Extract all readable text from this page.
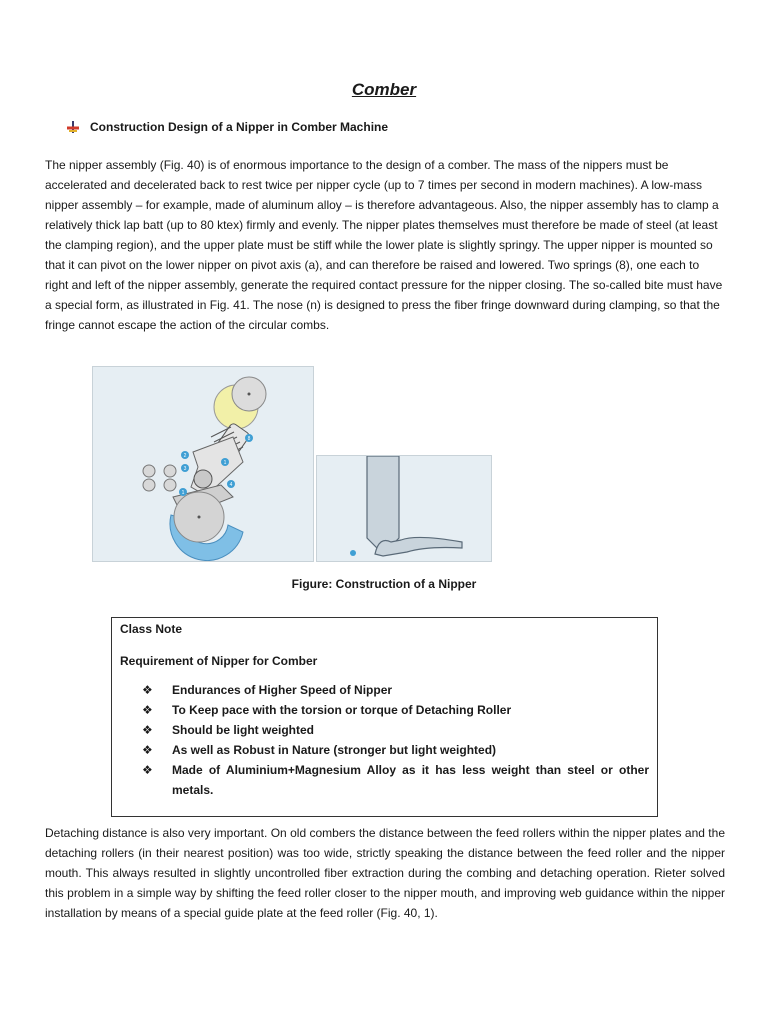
Comber
Construction Design of a Nipper in Comber Machine

The nipper assembly (Fig. 40) is of enormous importance to the design of a comber. The mass of the nippers must be accelerated and decelerated back to rest twice per nipper cycle (up to 7 times per second in modern machines). A low-mass nipper assembly – for example, made of aluminum alloy – is therefore advantageous. Also, the nipper assembly has to clamp a relatively thick lap batt (up to 80 ktex) firmly and evenly. The nipper plates themselves must therefore be made of steel (at least the clamping region), and the upper plate must be stiff while the lower plate is slightly springy. The upper nipper is mounted so that it can pivot on the lower nipper on pivot axis (a), and can therefore be raised and lowered. Two springs (8), one each to right and left of the nipper assembly, generate the required contact pressure for the nipper closing. The so-called bite must have a special form, as illustrated in Fig. 41. The nose (n) is designed to press the fiber fringe downward during clamping, so that the fringe cannot escape the action of the circular combs.

8
2
3
1
4
1
Figure: Construction of a Nipper

Class Note

Requirement of Nipper for Comber

❖ Endurances of Higher Speed of Nipper
❖ To Keep pace with the torsion or torque of Detaching Roller
❖ Should be light weighted
❖ As well as Robust in Nature (stronger but light weighted)
❖ Made of Aluminium+Magnesium Alloy as it has less weight than steel or other metals.

Detaching distance is also very important. On old combers the distance between the feed rollers within the nipper plates and the detaching rollers (in their nearest position) was too wide, strictly speaking the distance between the feed roller and the nipper mouth. This always resulted in slightly uncontrolled fiber extraction during the combing and detaching operation. Rieter solved this problem in a simple way by shifting the feed roller closer to the nipper mouth, and improving web guidance within the nipper installation by means of a special guide plate at the feed roller (Fig. 40, 1).
